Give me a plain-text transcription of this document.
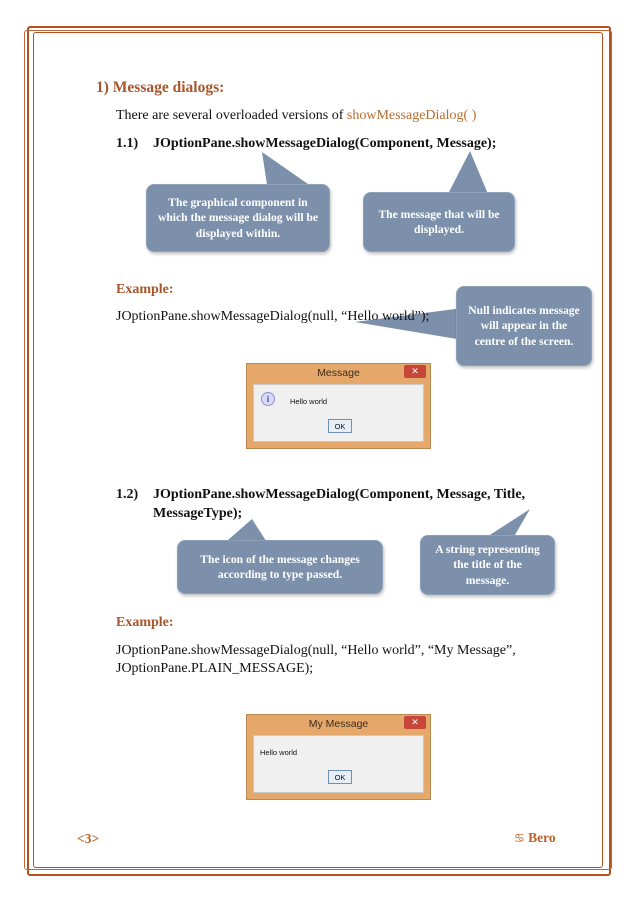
1) Message dialogs:
There are several overloaded versions of showMessageDialog( )
1.1) JOptionPane.showMessageDialog(Component, Message);
The graphical component in which the message dialog will be displayed within.
The message that will be displayed.
Example:
JOptionPane.showMessageDialog(null, “Hello world”);	Null indicates message will appear in the centre of the screen.
Message	✕
i	Hello world
OK
1.2) JOptionPane.showMessageDialog(Component, Message, Title,
MessageType);
The icon of the message changes according to type passed.
A string representing the title of the message.
Example:
JOptionPane.showMessageDialog(null, “Hello world”, “My Message”,
JOptionPane.PLAIN_MESSAGE);
My Message	✕
Hello world
OK
<3>	♋ Bero
